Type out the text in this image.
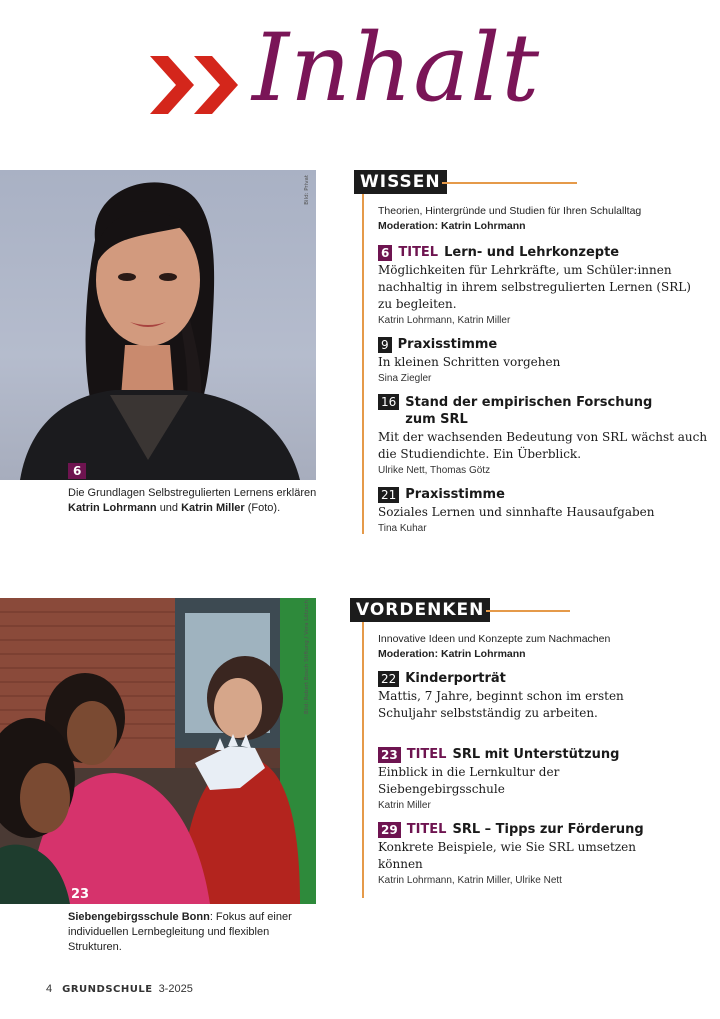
Inhalt
Bild: Privat
6
Die Grundlagen Selbstregulierten Lernens erklären
Katrin Lohrmann und Katrin Miller (Foto).
Bild: Robert Bosch Stiftung / Vera Lötzsch
23
Siebengebirgsschule Bonn: Fokus auf einer individuellen Lernbegleitung und flexiblen Strukturen.
WISSEN
Theorien, Hintergründe und Studien für Ihren Schulalltag
Moderation: Katrin Lohrmann
6 TITEL Lern- und Lehrkonzepte
Möglichkeiten für Lehrkräfte, um Schüler:innen nachhaltig in ihrem selbstregulierten Lernen (SRL) zu begleiten.
Katrin Lohrmann, Katrin Miller
9 Praxisstimme
In kleinen Schritten vorgehen
Sina Ziegler
16 Stand der empirischen Forschung zum SRL
Mit der wachsenden Bedeutung von SRL wächst auch die Studiendichte. Ein Überblick.
Ulrike Nett, Thomas Götz
21 Praxisstimme
Soziales Lernen und sinnhafte Hausaufgaben
Tina Kuhar
VORDENKEN
Innovative Ideen und Konzepte zum Nachmachen
Moderation: Katrin Lohrmann
22 Kinderporträt
Mattis, 7 Jahre, beginnt schon im ersten Schuljahr selbstständig zu arbeiten.
23 TITEL SRL mit Unterstützung
Einblick in die Lernkultur der Siebengebirgsschule
Katrin Miller
29 TITEL SRL – Tipps zur Förderung
Konkrete Beispiele, wie Sie SRL umsetzen können
Katrin Lohrmann, Katrin Miller, Ulrike Nett
4 GRUNDSCHULE 3-2025
